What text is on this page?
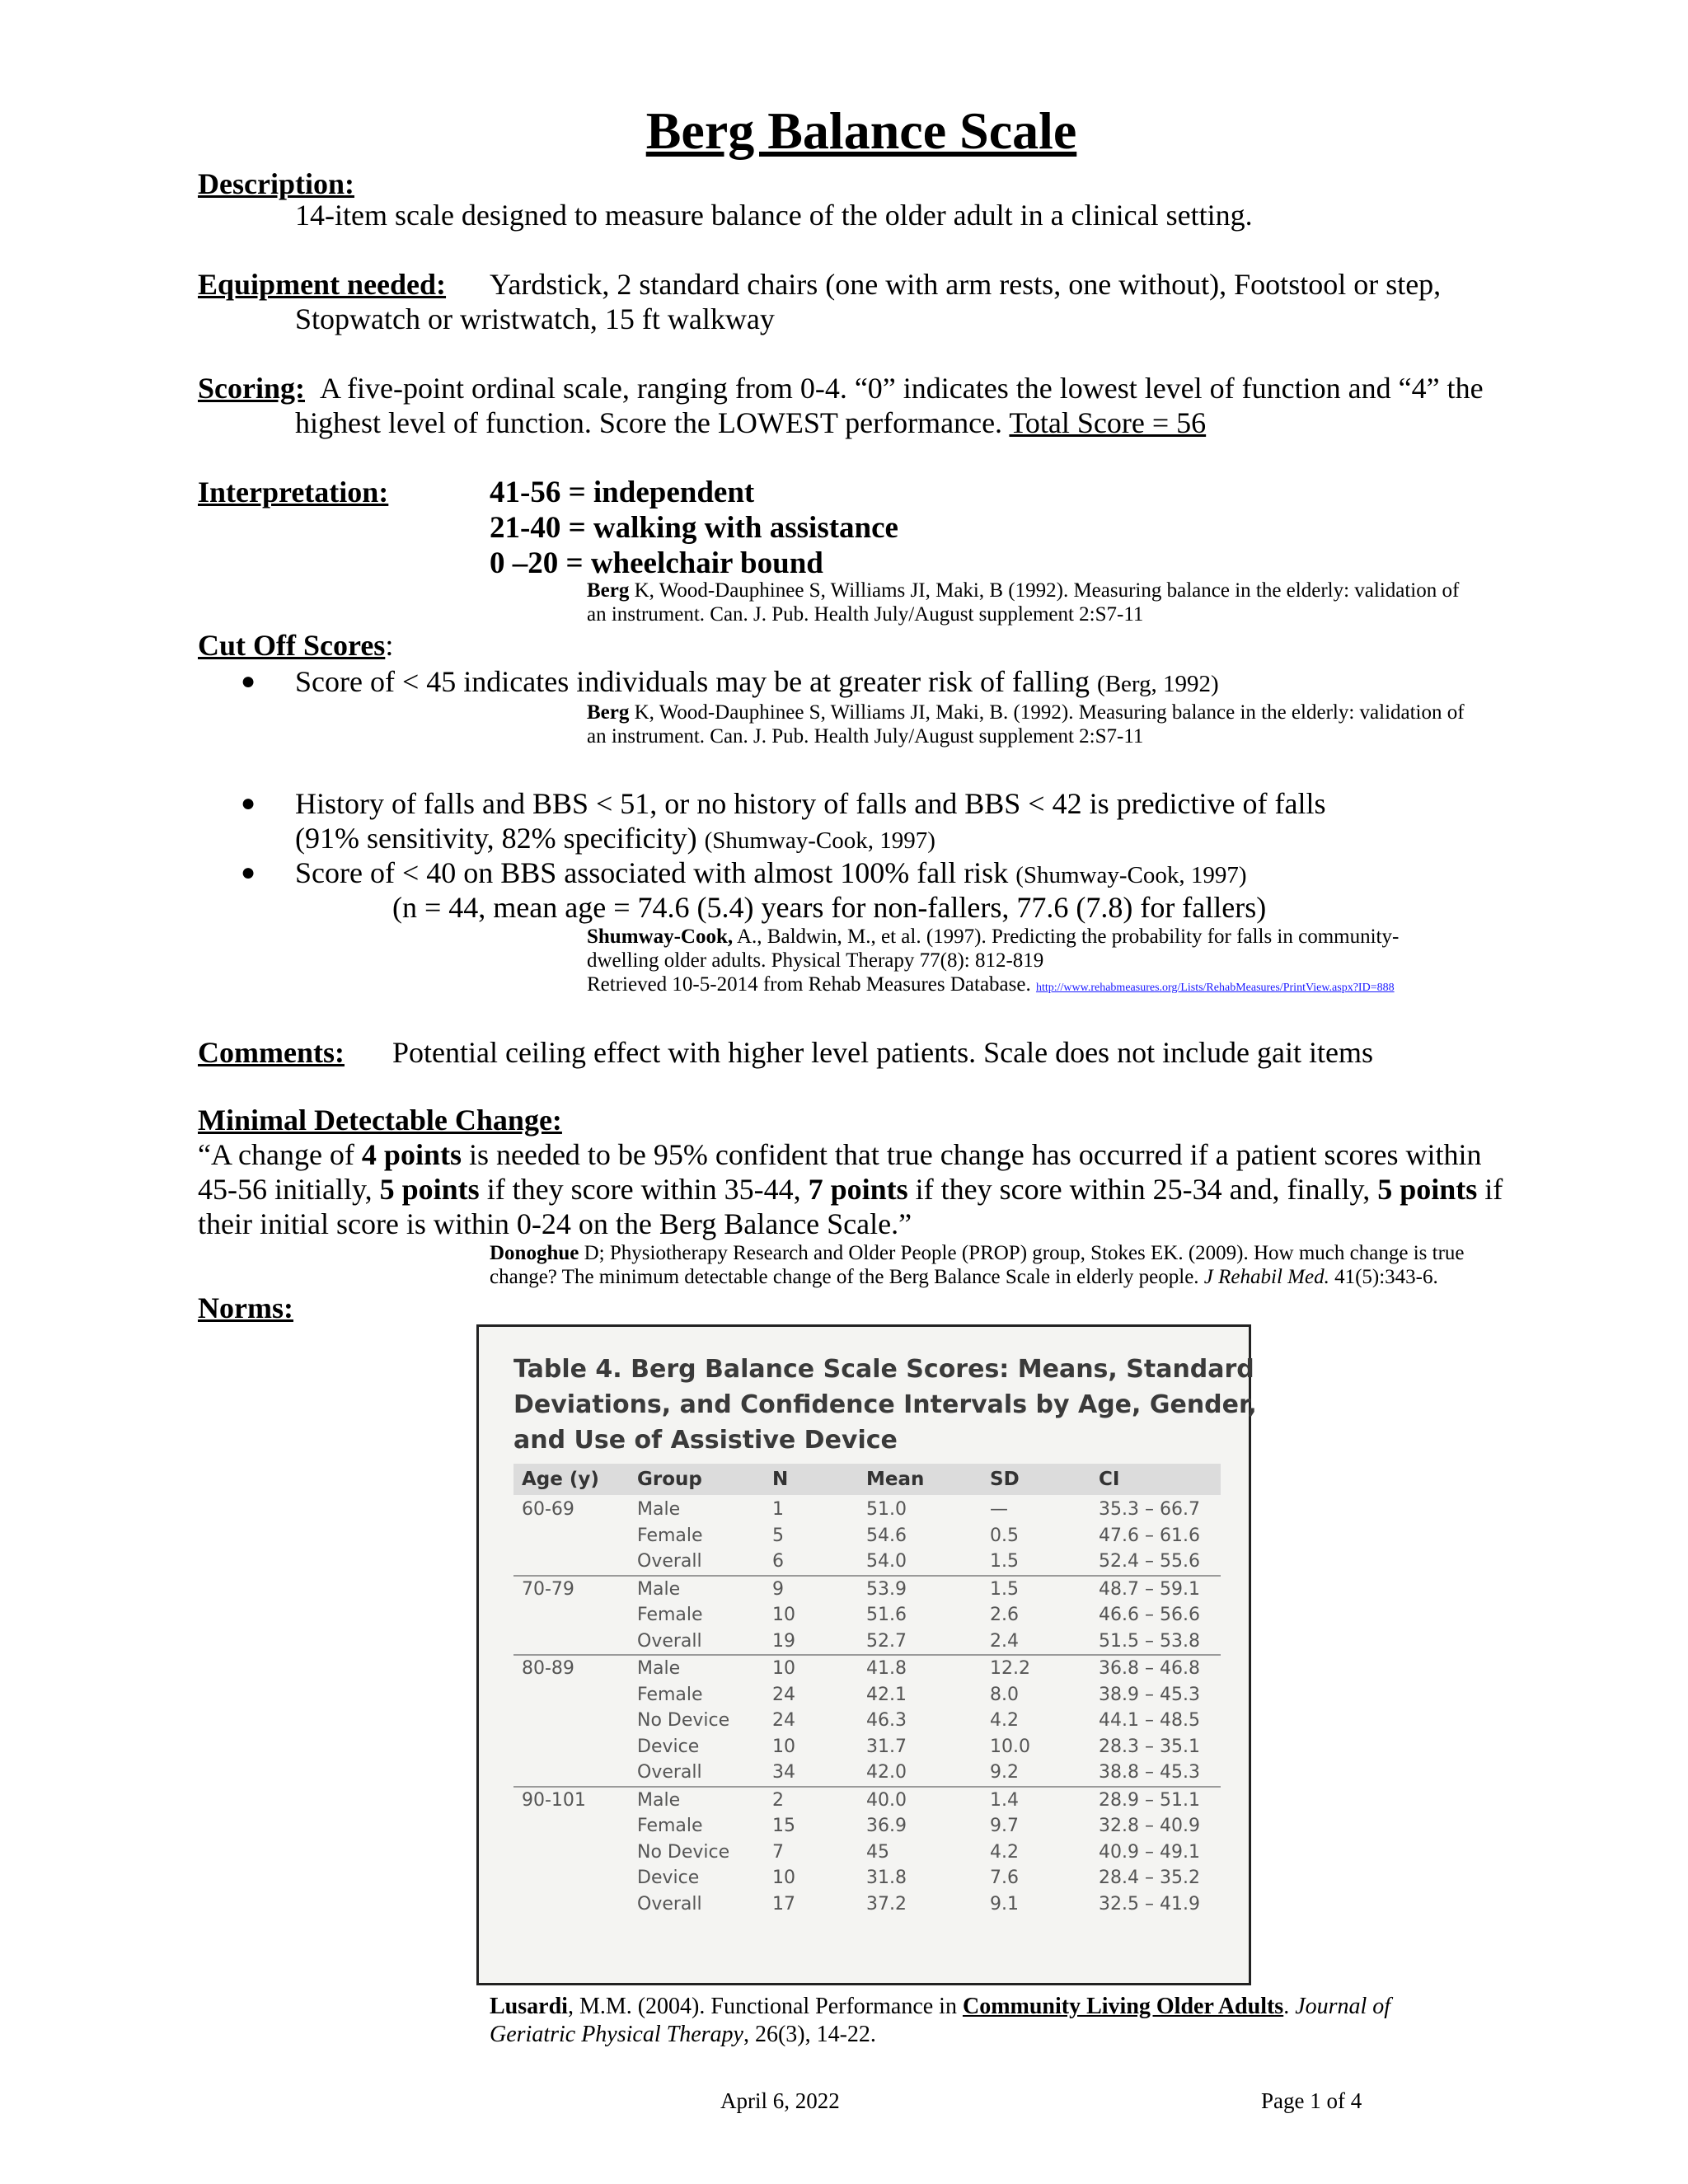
Berg Balance Scale
Description:
14-item scale designed to measure balance of the older adult in a clinical setting.
Equipment needed: Yardstick, 2 standard chairs (one with arm rests, one without), Footstool or step,
Stopwatch or wristwatch, 15 ft walkway
Scoring: A five-point ordinal scale, ranging from 0-4. “0” indicates the lowest level of function and “4” the
highest level of function. Score the LOWEST performance. Total Score = 56
Interpretation:	41-56 = independent
21-40 = walking with assistance
0 –20 = wheelchair bound
Berg K, Wood-Dauphinee S, Williams JI, Maki, B (1992). Measuring balance in the elderly: validation of
an instrument. Can. J. Pub. Health July/August supplement 2:S7-11
Cut Off Scores:
● Score of < 45 indicates individuals may be at greater risk of falling (Berg, 1992)
Berg K, Wood-Dauphinee S, Williams JI, Maki, B. (1992). Measuring balance in the elderly: validation of
an instrument. Can. J. Pub. Health July/August supplement 2:S7-11
● History of falls and BBS < 51, or no history of falls and BBS < 42 is predictive of falls
(91% sensitivity, 82% specificity) (Shumway-Cook, 1997)
● Score of < 40 on BBS associated with almost 100% fall risk (Shumway-Cook, 1997)
(n = 44, mean age = 74.6 (5.4) years for non-fallers, 77.6 (7.8) for fallers)
Shumway-Cook, A., Baldwin, M., et al. (1997). Predicting the probability for falls in community-
dwelling older adults. Physical Therapy 77(8): 812-819
Retrieved 10-5-2014 from Rehab Measures Database. http://www.rehabmeasures.org/Lists/RehabMeasures/PrintView.aspx?ID=888
Comments: Potential ceiling effect with higher level patients. Scale does not include gait items
Minimal Detectable Change:
“A change of 4 points is needed to be 95% confident that true change has occurred if a patient scores within
45-56 initially, 5 points if they score within 35-44, 7 points if they score within 25-34 and, finally, 5 points if
their initial score is within 0-24 on the Berg Balance Scale.”
Donoghue D; Physiotherapy Research and Older People (PROP) group, Stokes EK. (2009). How much change is true
change? The minimum detectable change of the Berg Balance Scale in elderly people. J Rehabil Med. 41(5):343-6.
Norms:
Table 4. Berg Balance Scale Scores: Means, Standard
Deviations, and Confidence Intervals by Age, Gender,
and Use of Assistive Device
Age (y) Group	N	Mean	SD	CI
60-69	Male	1	51.0	—	35.3 – 66.7
Female	5	54.6	0.5	47.6 – 61.6
Overall	6	54.0	1.5	52.4 – 55.6
70-79	Male	9	53.9	1.5	48.7 – 59.1
Female	10	51.6	2.6	46.6 – 56.6
Overall	19	52.7	2.4	51.5 – 53.8
80-89	Male	10	41.8	12.2	36.8 – 46.8
Female	24	42.1	8.0	38.9 – 45.3
No Device 24	46.3	4.2	44.1 – 48.5
Device	10	31.7	10.0	28.3 – 35.1
Overall	34	42.0	9.2	38.8 – 45.3
90-101	Male	2	40.0	1.4	28.9 – 51.1
Female	15	36.9	9.7	32.8 – 40.9
No Device 7	45	4.2	40.9 – 49.1
Device	10	31.8	7.6	28.4 – 35.2
Overall	17	37.2	9.1	32.5 – 41.9
Lusardi, M.M. (2004). Functional Performance in Community Living Older Adults. Journal of
Geriatric Physical Therapy, 26(3), 14-22.
April 6, 2022	Page 1 of 4
